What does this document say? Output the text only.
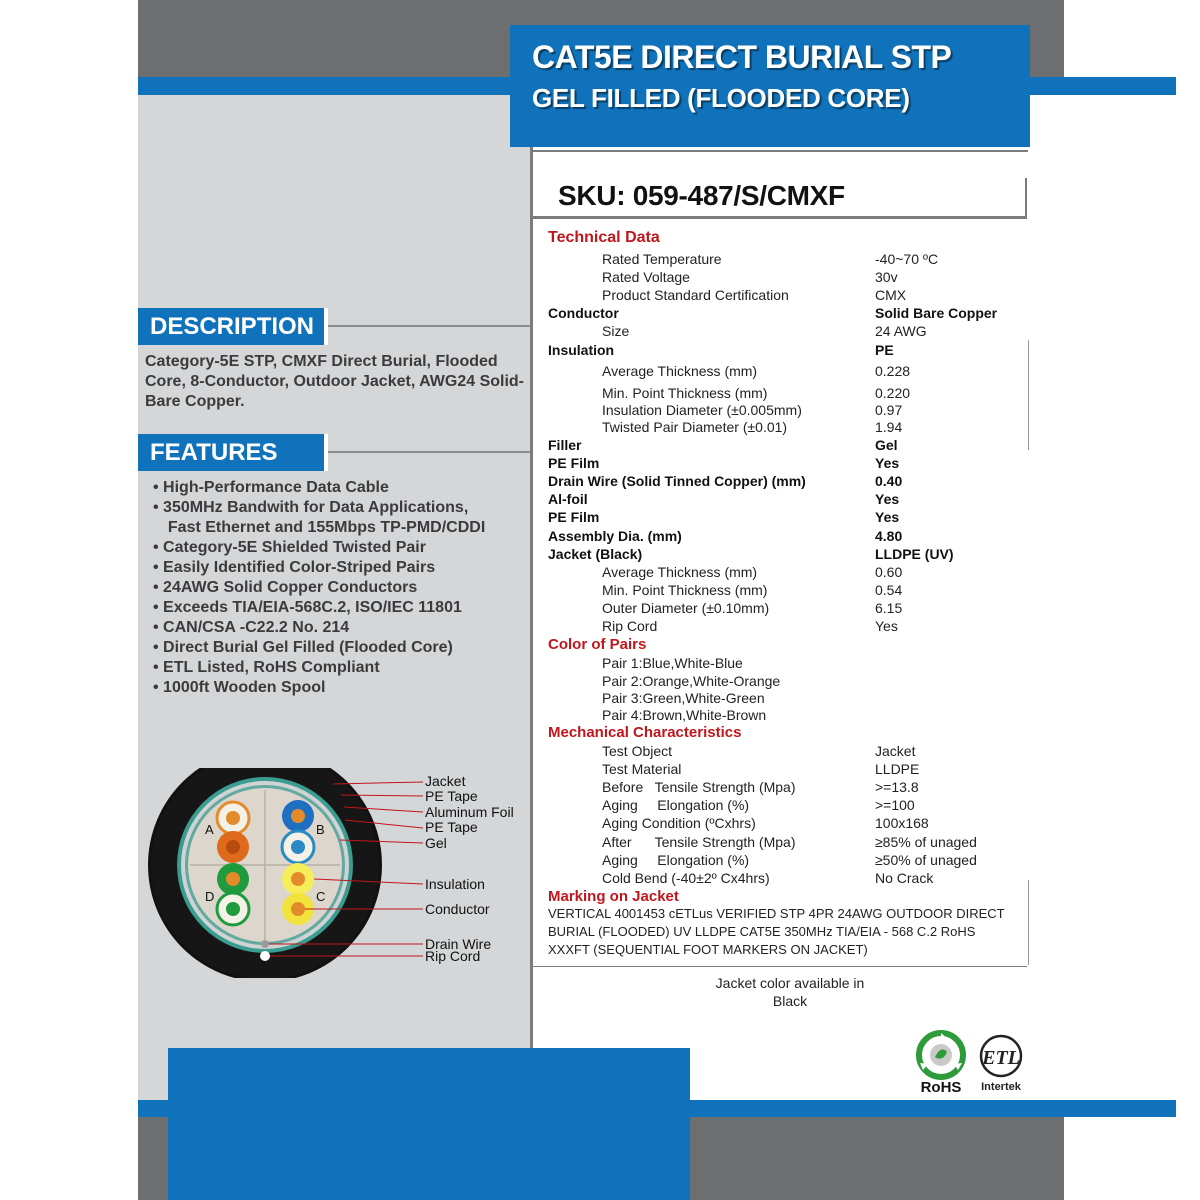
CAT5E DIRECT BURIAL STP
GEL FILLED (FLOODED CORE)
SKU: 059-487/S/CMXF
DESCRIPTION
Category-5E STP, CMXF Direct Burial, Flooded Core, 8-Conductor, Outdoor Jacket, AWG24 Solid-Bare Copper.
FEATURES
• High-Performance Data Cable
• 350MHz Bandwith for Data Applications,
Fast Ethernet and 155Mbps TP-PMD/CDDI
• Category-5E Shielded Twisted Pair
• Easily Identified Color-Striped Pairs
• 24AWG Solid Copper Conductors
• Exceeds TIA/EIA-568C.2, ISO/IEC 11801
• CAN/CSA -C22.2 No. 214
• Direct Burial Gel Filled (Flooded Core)
• ETL Listed, RoHS Compliant
• 1000ft Wooden Spool
A	B
C
D
Jacket
PE Tape
Aluminum Foil
PE Tape
Gel
Insulation
Conductor
Drain Wire
Rip Cord
Technical Data
Rated Temperature	-40~70 ºC
Rated Voltage	30v
Product Standard Certification	CMX
Conductor	Solid Bare Copper
Size	24 AWG
Insulation	PE
Average Thickness (mm)	0.228
Min. Point Thickness (mm)	0.220
Insulation Diameter (±0.005mm)	0.97
Twisted Pair Diameter (±0.01)	1.94
Filler	Gel
PE Film	Yes
Drain Wire (Solid Tinned Copper) (mm)	0.40
Al-foil	Yes
PE Film	Yes
Assembly Dia. (mm)	4.80
Jacket (Black)	LLDPE (UV)
Average Thickness (mm)	0.60
Min. Point Thickness (mm)	0.54
Outer Diameter (±0.10mm)	6.15
Rip Cord	Yes
Color of Pairs
Pair 1:Blue,White-Blue
Pair 2:Orange,White-Orange
Pair 3:Green,White-Green
Pair 4:Brown,White-Brown
Mechanical Characteristics
Test Object	Jacket
Test Material	LLDPE
Before   Tensile Strength (Mpa)	>=13.8
Aging     Elongation (%)	>=100
Aging Condition (ºCxhrs)	100x168
After      Tensile Strength (Mpa)	≥85% of unaged
Aging     Elongation (%)	≥50% of unaged
Cold Bend (-40±2º Cx4hrs)	No Crack
Marking on Jacket
VERTICAL 4001453 cETLus VERIFIED STP 4PR 24AWG OUTDOOR DIRECT
BURIAL (FLOODED) UV LLDPE CAT5E 350MHz TIA/EIA - 568 C.2 RoHS
XXXFT (SEQUENTIAL FOOT MARKERS ON JACKET)
Jacket color available in
Black
RoHS
ETL
Intertek
